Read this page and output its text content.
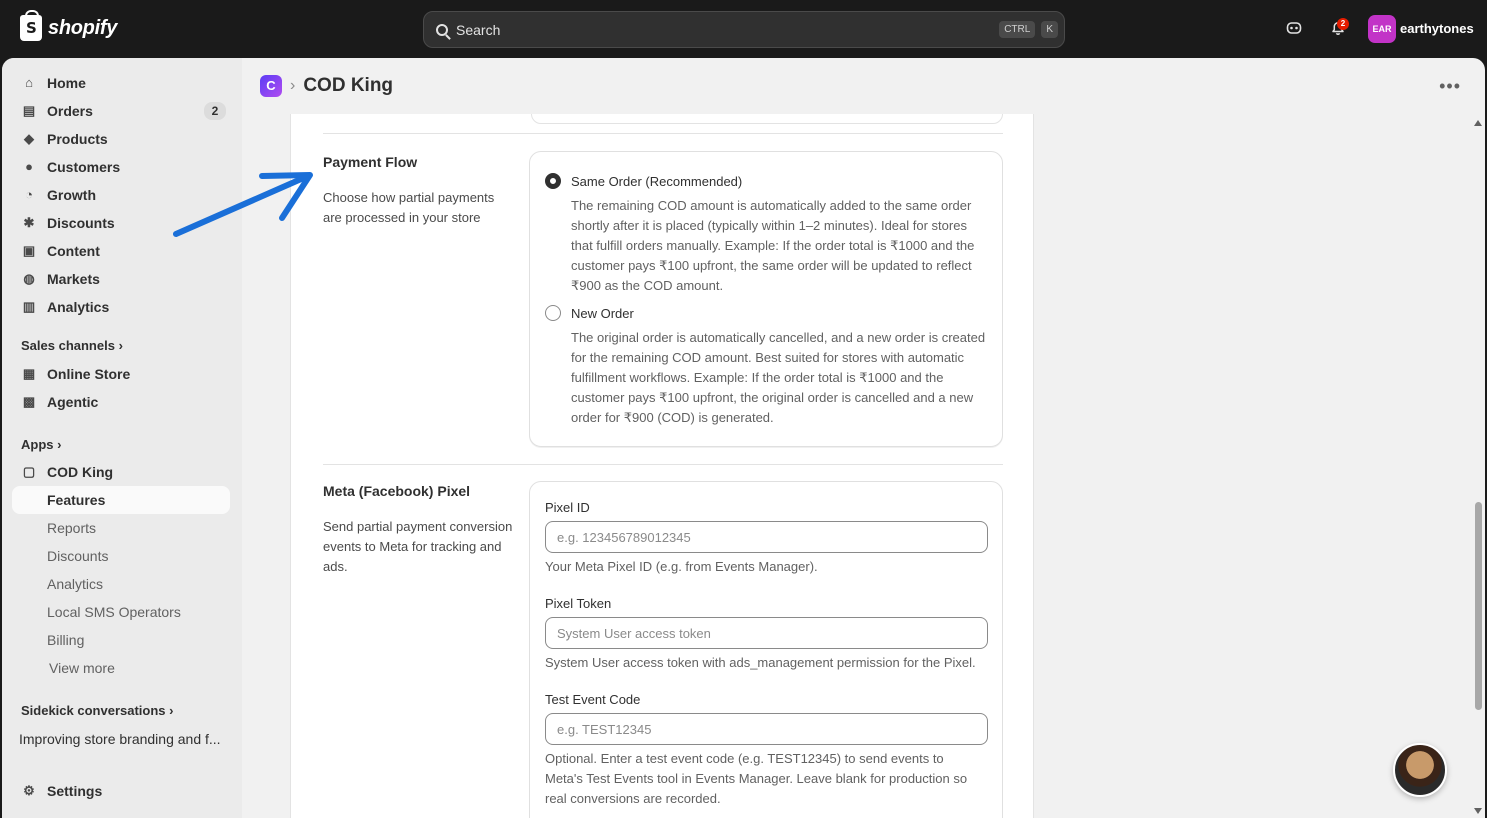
S
shopify	Search	CTRL	K
2
EAR earthytones
⌂ Home
▤ Orders	2
◆ Products
● Customers
◔ Growth
✱ Discounts
▣ Content
◍ Markets
▥ Analytics
Sales channels ›
▦ Online Store
▩ Agentic
Apps ›
▢ COD King
Features
Reports
Discounts
Analytics
Local SMS Operators
Billing
View more
Sidekick conversations ›
Improving store branding and f...
⚙ Settings
C › COD King	•••
Payment Flow
Choose how partial payments are processed in your store
Same Order (Recommended)
The remaining COD amount is automatically added to the same order shortly after it is placed (typically within 1–2 minutes). Ideal for stores that fulfill orders manually. Example: If the order total is ₹1000 and the customer pays ₹100 upfront, the same order will be updated to reflect ₹900 as the COD amount.
New Order
The original order is automatically cancelled, and a new order is created for the remaining COD amount. Best suited for stores with automatic fulfillment workflows. Example: If the order total is ₹1000 and the customer pays ₹100 upfront, the original order is cancelled and a new order for ₹900 (COD) is generated.
Meta (Facebook) Pixel
Send partial payment conversion events to Meta for tracking and ads.
Pixel ID
e.g. 123456789012345
Your Meta Pixel ID (e.g. from Events Manager).
Pixel Token
System User access token
System User access token with ads_management permission for the Pixel.
Test Event Code
e.g. TEST12345
Optional. Enter a test event code (e.g. TEST12345) to send events to Meta's Test Events tool in Events Manager. Leave blank for production so real conversions are recorded.
